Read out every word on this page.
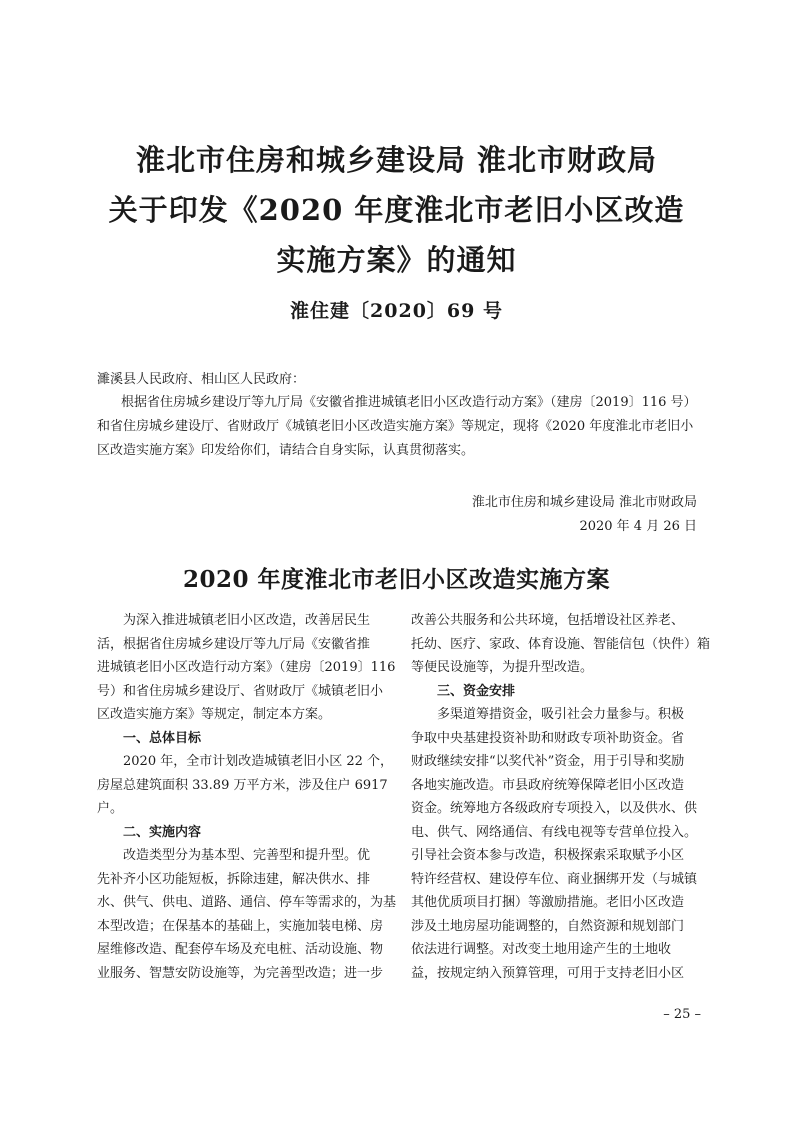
淮北市住房和城乡建设局 淮北市财政局
关于印发《2020 年度淮北市老旧小区改造
实施方案》的通知
淮住建〔2020〕69 号
濉溪县人民政府、相山区人民政府：
根据省住房城乡建设厅等九厅局《安徽省推进城镇老旧小区改造行动方案》（建房〔2019〕116 号）
和省住房城乡建设厅、省财政厅《城镇老旧小区改造实施方案》等规定，现将《2020 年度淮北市老旧小
区改造实施方案》印发给你们，请结合自身实际，认真贯彻落实。
淮北市住房和城乡建设局 淮北市财政局
2020 年 4 月 26 日
2020 年度淮北市老旧小区改造实施方案
为深入推进城镇老旧小区改造，改善居民生
活，根据省住房城乡建设厅等九厅局《安徽省推
进城镇老旧小区改造行动方案》（建房〔2019〕116
号）和省住房城乡建设厅、省财政厅《城镇老旧小
区改造实施方案》等规定，制定本方案。
一、总体目标
2020 年，全市计划改造城镇老旧小区 22 个，
房屋总建筑面积 33.89 万平方米，涉及住户 6917
户。
二、实施内容
改造类型分为基本型、完善型和提升型。优
先补齐小区功能短板，拆除违建，解决供水、排
水、供气、供电、道路、通信、停车等需求的，为基
本型改造；在保基本的基础上，实施加装电梯、房
屋维修改造、配套停车场及充电桩、活动设施、物
业服务、智慧安防设施等，为完善型改造；进一步
改善公共服务和公共环境，包括增设社区养老、
托幼、医疗、家政、体育设施、智能信包（快件）箱
等便民设施等，为提升型改造。
三、资金安排
多渠道筹措资金，吸引社会力量参与。积极
争取中央基建投资补助和财政专项补助资金。省
财政继续安排“以奖代补”资金，用于引导和奖励
各地实施改造。市县政府统筹保障老旧小区改造
资金。统筹地方各级政府专项投入，以及供水、供
电、供气、网络通信、有线电视等专营单位投入。
引导社会资本参与改造，积极探索采取赋予小区
特许经营权、建设停车位、商业捆绑开发（与城镇
其他优质项目打捆）等激励措施。老旧小区改造
涉及土地房屋功能调整的，自然资源和规划部门
依法进行调整。对改变土地用途产生的土地收
益，按规定纳入预算管理，可用于支持老旧小区
– 25 –
